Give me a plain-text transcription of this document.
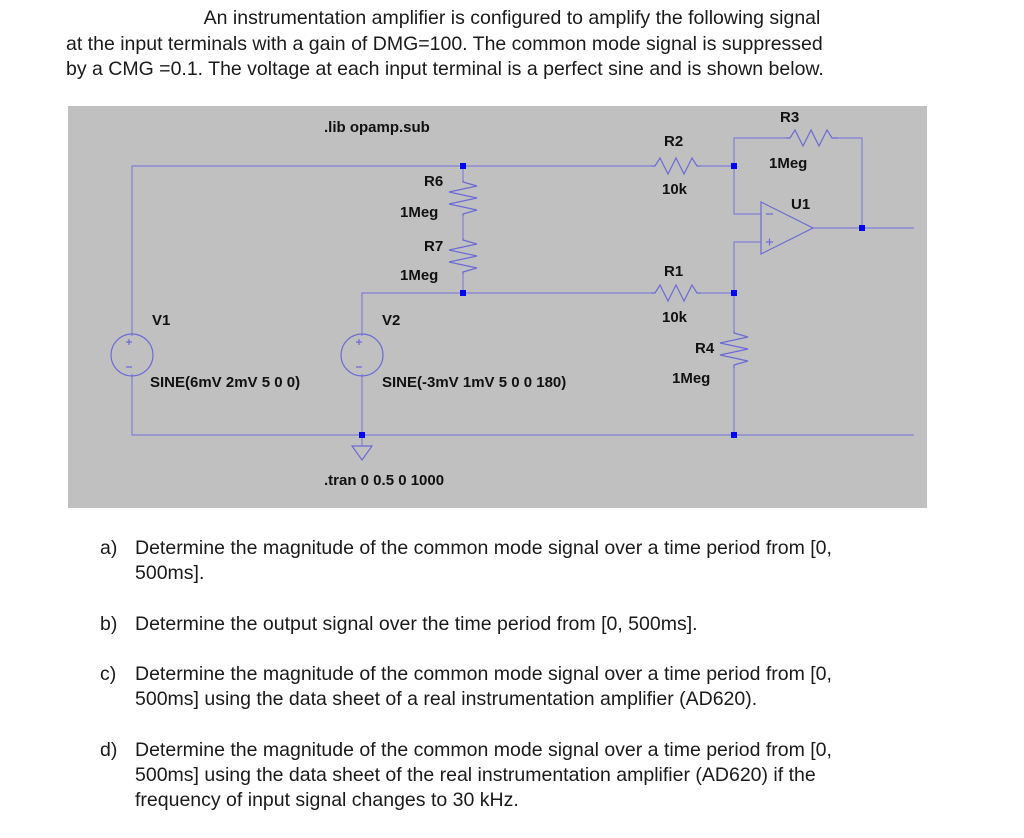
An instrumentation amplifier is configured to amplify the following signal
at the input terminals with a gain of DMG=100. The common mode signal is suppressed
by a CMG =0.1. The voltage at each input terminal is a perfect sine and is shown below.
.lib opamp.sub
R6
1Meg
R7
1Meg
R2
10k
R1
10k
R3
1Meg
U1
R4
1Meg
V1
SINE(6mV 2mV 5 0 0)
V2
SINE(-3mV 1mV 5 0 0 180)
.tran 0 0.5 0 1000
a) Determine the magnitude of the common mode signal over a time period from [0,
500ms].
b) Determine the output signal over the time period from [0, 500ms].
c) Determine the magnitude of the common mode signal over a time period from [0,
500ms] using the data sheet of a real instrumentation amplifier (AD620).
d) Determine the magnitude of the common mode signal over a time period from [0,
500ms] using the data sheet of the real instrumentation amplifier (AD620) if the
frequency of input signal changes to 30 kHz.
